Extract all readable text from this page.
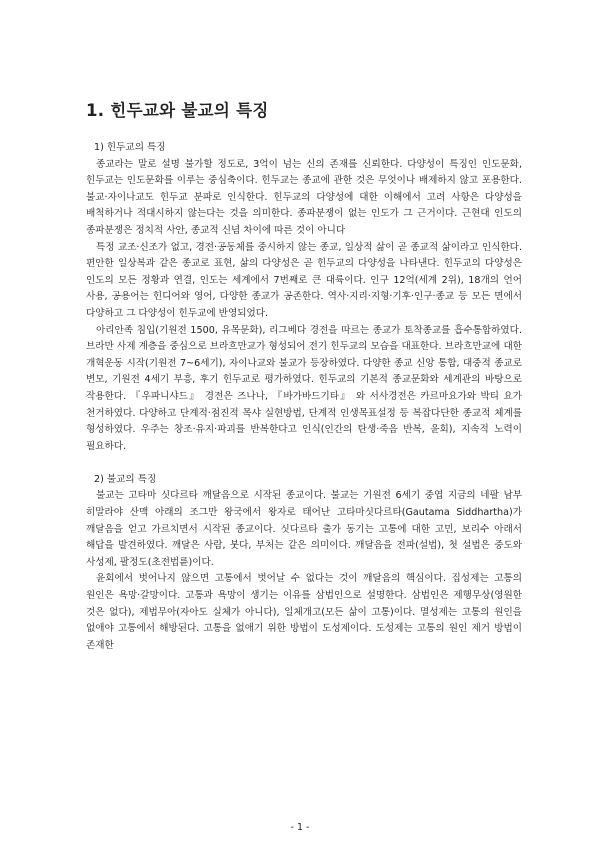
1. 힌두교와 불교의 특징

1) 힌두교의 특징

종교라는 말로 설명 불가할 정도로, 3억이 넘는 신의 존재를 신뢰한다. 다양성이 특징인 인도문화, 힌두교는 인도문화를 이루는 중심축이다. 힌두교는 종교에 관한 것은 무엇이나 배제하지 않고 포용한다. 불교·자이나교도 힌두교 분파로 인식한다. 힌두교의 다양성에 대한 이해에서 고려 사항은 다양성을 배척하거나 적대시하지 않는다는 것을 의미한다. 종파분쟁이 없는 인도가 그 근거이다. 근현대 인도의 종파분쟁은 정치적 사안, 종교적 신념 차이에 따른 것이 아니다

특정 교조·신조가 없고, 경전·공동체를 중시하지 않는 종교, 일상적 삶이 곧 종교적 삶이라고 인식한다. 편안한 일상복과 같은 종교로 표현, 삶의 다양성은 곧 힌두교의 다양성을 나타낸다. 힌두교의 다양성은 인도의 모든 정황과 연결, 인도는 세계에서 7번째로 큰 대륙이다. 인구 12억(세계 2위), 18개의 언어 사용, 공용어는 힌디어와 영어, 다양한 종교가 공존한다. 역사·지리·지형·기후·인구·종교 등 모든 면에서 다양하고 그 다양성이 힌두교에 반영되었다.

아리안족 침입(기원전 1500, 유목문화), 리그베다 경전을 따르는 종교가 토착종교를 흡수통합하였다. 브라만 사제 계층을 중심으로 브라흐만교가 형성되어 전기 힌두교의 모습을 대표한다. 브라흐만교에 대한 개혁운동 시작(기원전 7~6세기), 자이나교와 불교가 등장하였다. 다양한 종교 신앙 통합, 대중적 종교로 변모, 기원전 4세기 부흥, 후기 힌두교로 평가하였다. 힌두교의 기본적 종교문화와 세계관의 바탕으로 작용한다. 『우파니샤드』 경전은 즈나나, 『바가바드기타』 와 서사경전은 카르마요가와 박티 요가 천거하였다. 다양하고 단계적·점진적 목샤 실현방법, 단계적 인생목표설정 등 복잡다단한 종교적 체계를 형성하였다. 우주는 창조·유지·파괴를 반복한다고 인식(인간의 탄생·죽음 반복, 윤회), 지속적 노력이 필요하다.

2) 불교의 특징

불교는 고타마 싯다르타 깨달음으로 시작된 종교이다. 불교는 기원전 6세기 중엽 지금의 네팔 남부 히말라야 산맥 아래의 조그만 왕국에서 왕자로 태어난 고타마싯다르타(Gautama Siddhartha)가 깨달음을 얻고 가르치면서 시작된 종교이다. 싯다르타 출가 동기는 고통에 대한 고민, 보리수 아래서 해답을 발견하였다. 깨달은 사람, 붓다, 부처는 같은 의미이다. 깨달음을 전파(설법), 첫 설법은 중도와 사성제, 팔정도(초전법륜)이다.

윤회에서 벗어나지 않으면 고통에서 벗어날 수 없다는 것이 깨달음의 핵심이다. 집성제는 고통의 원인은 욕망·갈망이다. 고통과 욕망이 생기는 이유를 삼법인으로 설명한다. 삼법인은 제행무상(영원한 것은 없다), 제법무아(자아도 실체가 아니다), 일체개고(모든 삶이 고통)이다. 멸성제는 고통의 원인을 없애야 고통에서 해방된다. 고통을 없애기 위한 방법이 도성제이다. 도성제는 고통의 원인 제거 방법이 존재한

- 1 -
